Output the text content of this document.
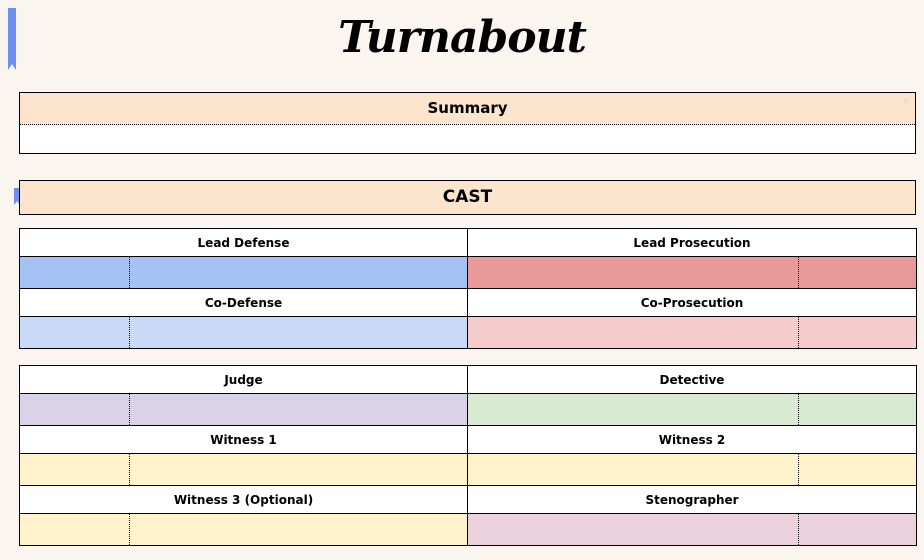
Turnabout
Summary	▿
CAST
Lead Defense	Lead Prosecution

Co-Defense	Co-Prosecution

Judge	Detective

Witness 1	Witness 2

Witness 3 (Optional)	Stenographer
